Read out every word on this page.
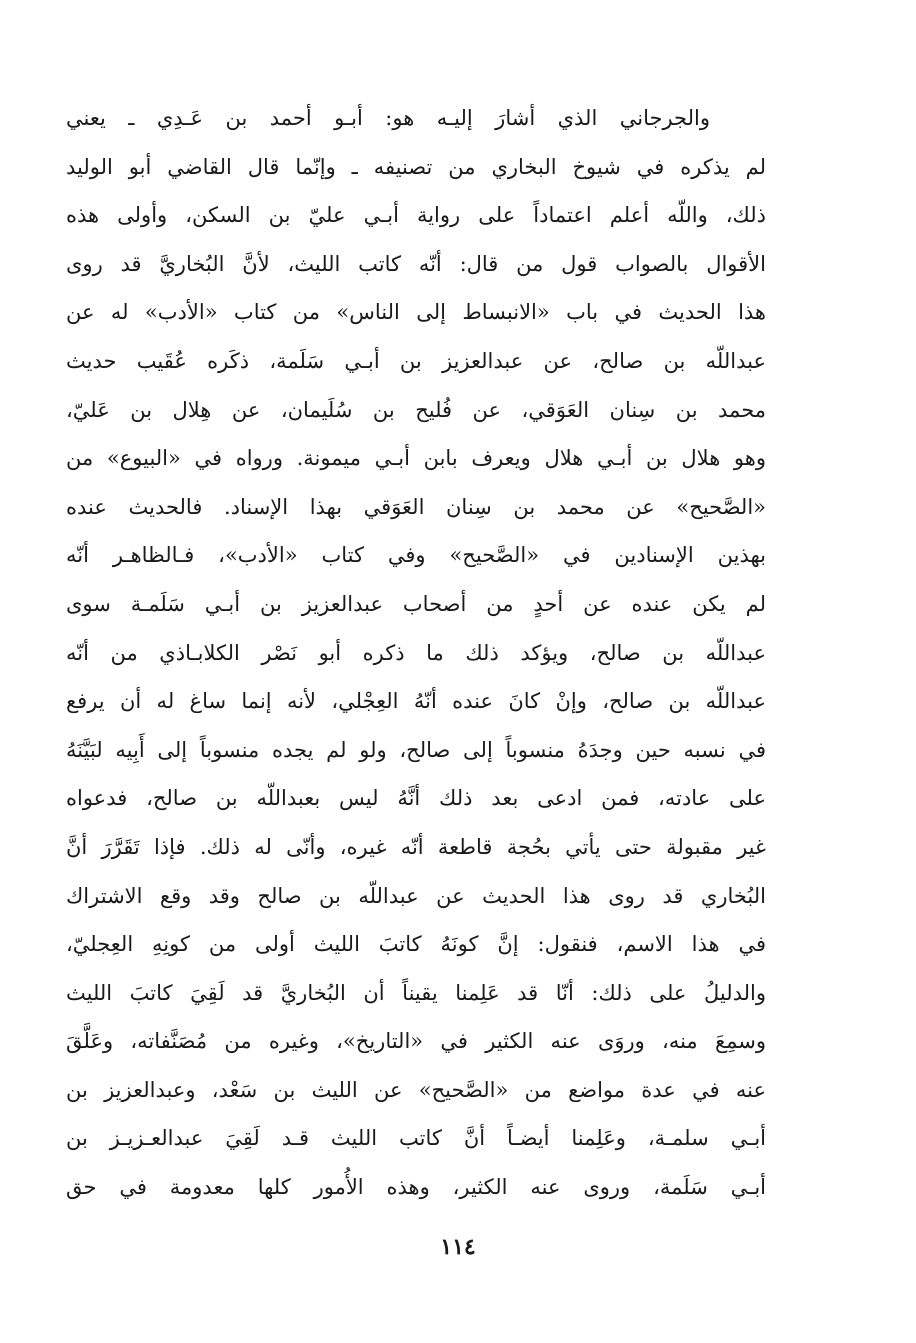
والجرجاني الذي أشارَ إليـه هو: أبـو أحمد بن عَـدِي ـ يعني
لم يذكره في شيوخ البخاري من تصنيفه ـ وإنّما قال القاضي أبو الوليد
ذلك، واللّه أعلم اعتماداً على رواية أبـي عليّ بن السكن، وأولى هذه
الأقوال بالصواب قول من قال: أنّه كاتب الليث، لأنَّ البُخاريَّ قد روى
هذا الحديث في باب «الانبساط إلى الناس» من كتاب «الأدب» له عن
عبداللّه بن صالح، عن عبدالعزيز بن أبـي سَلَمة، ذكَره عُقَيب حديث
محمد بن سِنان العَوَقي، عن فُليح بن سُلَيمان، عن هِلال بن عَليّ،
وهو هلال بن أبـي هلال ويعرف بابن أبـي ميمونة. ورواه في «البيوع» من
«الصَّحيح» عن محمد بن سِنان العَوَقي بهذا الإسناد. فالحديث عنده
بهذين الإسنادين في «الصَّحيح» وفي كتاب «الأدب»، فـالظاهـر أنّه
لم يكن عنده عن أحدٍ من أصحاب عبدالعزيز بن أبـي سَلَمـة سوى
عبداللّه بن صالح، ويؤكد ذلك ما ذكره أبو نَصْر الكلابـاذي من أنّه
عبداللّه بن صالح، وإنْ كانَ عنده أنّهُ العِجْلي، لأنه إنما ساغ له أن يرفع
في نسبه حين وجدَهُ منسوباً إلى صالح، ولو لم يجده منسوباً إلى أَبِيه لبَيَّنَهُ
على عادته، فمن ادعى بعد ذلك أنَّهُ ليس بعبداللّه بن صالح، فدعواه
غير مقبولة حتى يأتي بحُجة قاطعة أنّه غيره، وأنّى له ذلك. فإذا تَقَرَّرَ أنَّ
البُخاري قد روى هذا الحديث عن عبداللّه بن صالح وقد وقع الاشتراك
في هذا الاسم، فنقول: إنَّ كونَهُ كاتبَ الليث أولى من كونِهِ العِجليّ،
والدليلُ على ذلك: أنّا قد عَلِمنا يقيناً أن البُخاريَّ قد لَقِيَ كاتبَ الليث
وسمِعَ منه، وروَى عنه الكثير في «التاريخ»، وغيره من مُصَنَّفاته، وعَلَّقَ
عنه في عدة مواضع من «الصَّحيح» عن الليث بن سَعْد، وعبدالعزيز بن
أبـي سلمـة، وعَلِمنا أيضـاً أنَّ كاتب الليث قـد لَقِيَ عبدالعـزيـز بن
أبـي سَلَمة، وروى عنه الكثير، وهذه الأُمور كلها معدومة في حق
١١٤
